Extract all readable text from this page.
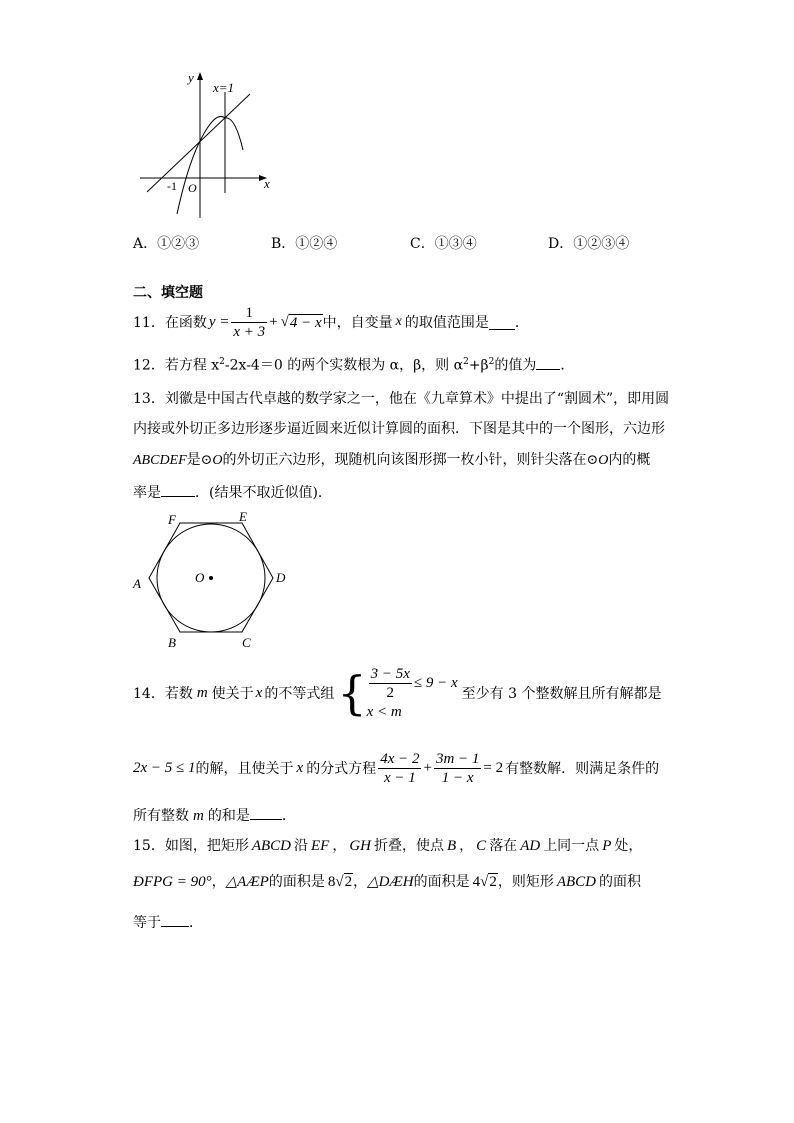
y
x
x=1
-1 O
A．①②③	B．①②④	C．①③④	D．①②③④
二、填空题
11．在函数 $y = \frac{1}{x + 3}$ + √ 4 − x 中，自变量 x 的取值范围是 ．
12．若方程 $x^2-2x-4=0$ 的两个实数根为 α，β，则 $\alpha^2+\beta^2$的值为 ．
13．刘徽是中国古代卓越的数学家之一，他在《九章算术》中提出了“割圆术”，即用圆
内接或外切正多边形逐步逼近圆来近似计算圆的面积．下图是其中的一个图形，六边形
ABCDEF是⊙O的外切正六边形，现随机向该图形掷一枚小针，则针尖落在⊙O内的概
率是 ．(结果不取近似值)．
F	E
A	D
B	C
O
14．若数 m 使关于 x 的不等式组 { $\frac{3 - 5x}{2} \le 9 - x$
x < m
至少有 3 个整数解且所有解都是
2x − 5 ≤ 1 的解，且使关于 x 的分式方程 $\frac{4x - 2}{x - 1} + \frac{3m - 1}{1 - x} = 2$ 有整数解．则满足条件的
所有整数 m 的和是 ．
15．如图，把矩形 ABCD 沿 EF ， GH 折叠，使点 B ， C 落在 AD 上同一点 P 处，
ÐFPG = 90°，△AÆP的面积是 8√2，△DÆH的面积是 4√2，则矩形 ABCD 的面积
等于 ．
